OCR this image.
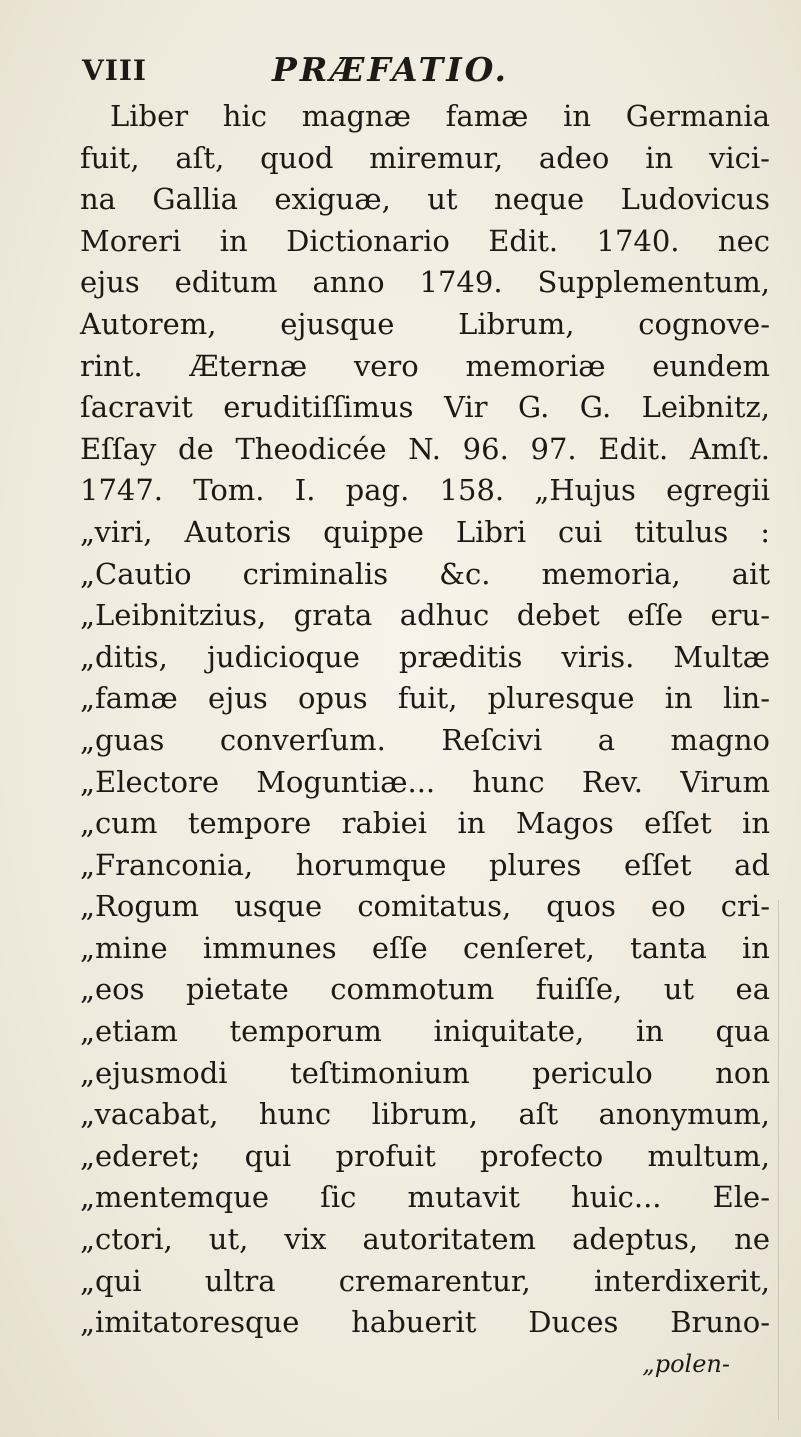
VIII	PRÆFATIO.
Liber hic magnæ famæ in Germania
fuit, aſt, quod miremur, adeo in vici-
na Gallia exiguæ, ut neque Ludovicus
Moreri in Dictionario Edit. 1740. nec
ejus editum anno 1749. Supplementum,
Autorem, ejusque Librum, cognove-
rint. Æternæ vero memoriæ eundem
ſacravit eruditiſſimus Vir G. G. Leibnitz,
Eſſay de Theodicée N. 96. 97. Edit. Amſt.
1747. Tom. I. pag. 158. „Hujus egregii
„viri, Autoris quippe Libri cui titulus :
„Cautio criminalis &c. memoria, ait
„Leibnitzius, grata adhuc debet eſſe eru-
„ditis, judicioque præditis viris. Multæ
„famæ ejus opus fuit, pluresque in lin-
„guas converſum. Reſcivi a magno
„Electore Moguntiæ... hunc Rev. Virum
„cum tempore rabiei in Magos eſſet in
„Franconia, horumque plures eſſet ad
„Rogum usque comitatus, quos eo cri-
„mine immunes eſſe cenſeret, tanta in
„eos pietate commotum fuiſſe, ut ea
„etiam temporum iniquitate, in qua
„ejusmodi teſtimonium periculo non
„vacabat, hunc librum, aſt anonymum,
„ederet; qui profuit profecto multum,
„mentemque ſic mutavit huic... Ele-
„ctori, ut, vix autoritatem adeptus, ne
„qui ultra cremarentur, interdixerit,
„imitatoresque habuerit Duces Bruno-
„polen-
